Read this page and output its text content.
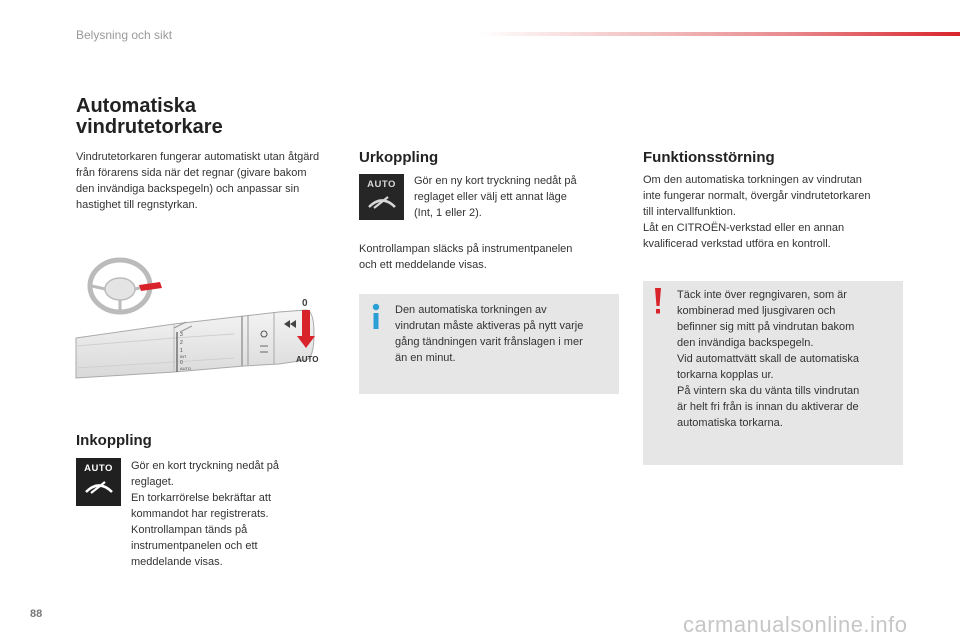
Belysning och sikt
Automatiska
vindrutetorkare
Vindrutetorkaren fungerar automatiskt utan åtgärd från förarens sida när det regnar (givare bakom den invändiga backspegeln) och anpassar sin hastighet till regnstyrkan.
3
2
1
INT
0
AUTO
0
AUTO
Inkoppling
AUTO	Gör en kort tryckning nedåt på
reglaget.
En torkarrörelse bekräftar att
kommandot har registrerats.
Kontrollampan tänds på
instrumentpanelen och ett
meddelande visas.
Urkoppling
AUTO	Gör en ny kort tryckning nedåt på
reglaget eller välj ett annat läge
(Int, 1 eller 2).
Kontrollampan släcks på instrumentpanelen
och ett meddelande visas.
Den automatiska torkningen av
vindrutan måste aktiveras på nytt varje
gång tändningen varit frånslagen i mer
än en minut.
Funktionsstörning
Om den automatiska torkningen av vindrutan
inte fungerar normalt, övergår vindrutetorkaren
till intervallfunktion.
Låt en CITROËN-verkstad eller en annan
kvalificerad verkstad utföra en kontroll.
Täck inte över regngivaren, som är
kombinerad med ljusgivaren och
befinner sig mitt på vindrutan bakom
den invändiga backspegeln.
Vid automattvätt skall de automatiska
torkarna kopplas ur.
På vintern ska du vänta tills vindrutan
är helt fri från is innan du aktiverar de
automatiska torkarna.
88	carmanualsonline.info
